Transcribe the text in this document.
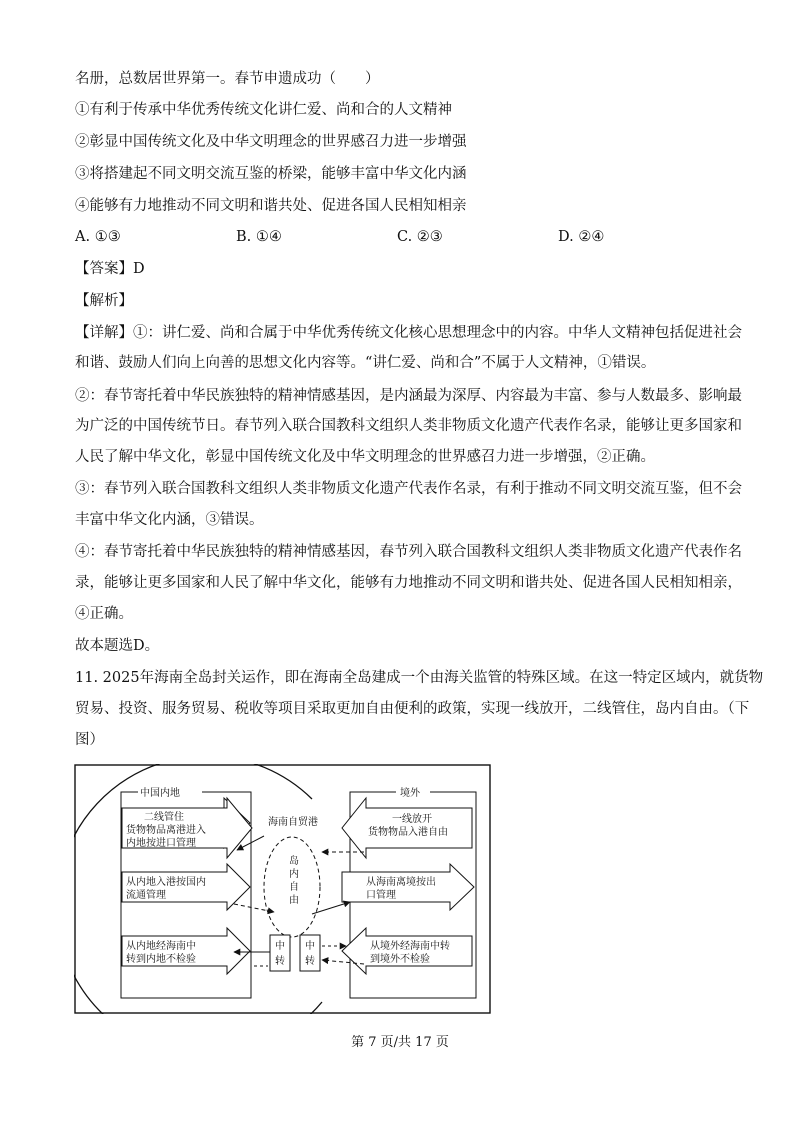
名册，总数居世界第一。春节申遗成功（　　）
①有利于传承中华优秀传统文化讲仁爱、尚和合的人文精神
②彰显中国传统文化及中华文明理念的世界感召力进一步增强
③将搭建起不同文明交流互鉴的桥梁，能够丰富中华文化内涵
④能够有力地推动不同文明和谐共处、促进各国人民相知相亲
A. ①③	B. ①④	C. ②③	D. ②④
【答案】D
【解析】
【详解】①：讲仁爱、尚和合属于中华优秀传统文化核心思想理念中的内容。中华人文精神包括促进社会
和谐、鼓励人们向上向善的思想文化内容等。“讲仁爱、尚和合”不属于人文精神，①错误。
②：春节寄托着中华民族独特的精神情感基因，是内涵最为深厚、内容最为丰富、参与人数最多、影响最
为广泛的中国传统节日。春节列入联合国教科文组织人类非物质文化遗产代表作名录，能够让更多国家和
人民了解中华文化，彰显中国传统文化及中华文明理念的世界感召力进一步增强，②正确。
③：春节列入联合国教科文组织人类非物质文化遗产代表作名录，有利于推动不同文明交流互鉴，但不会
丰富中华文化内涵，③错误。
④：春节寄托着中华民族独特的精神情感基因，春节列入联合国教科文组织人类非物质文化遗产代表作名
录，能够让更多国家和人民了解中华文化，能够有力地推动不同文明和谐共处、促进各国人民相知相亲，
④正确。
故本题选D。
11. 2025年海南全岛封关运作，即在海南全岛建成一个由海关监管的特殊区域。在这一特定区域内，就货物
贸易、投资、服务贸易、税收等项目采取更加自由便利的政策，实现一线放开，二线管住，岛内自由。（下
图）
中国内地	境外
海南自贸港
岛
内
自
由
二线管住
货物物品离港进入
内地按进口管理
从内地入港按国内
流通管理
从内地经海南中
转到内地不检验
一线放开
货物物品入港自由
从海南离境按出
口管理
从境外经海南中转
到境外不检验
中
转
中
转
第 7 页/共 17 页
